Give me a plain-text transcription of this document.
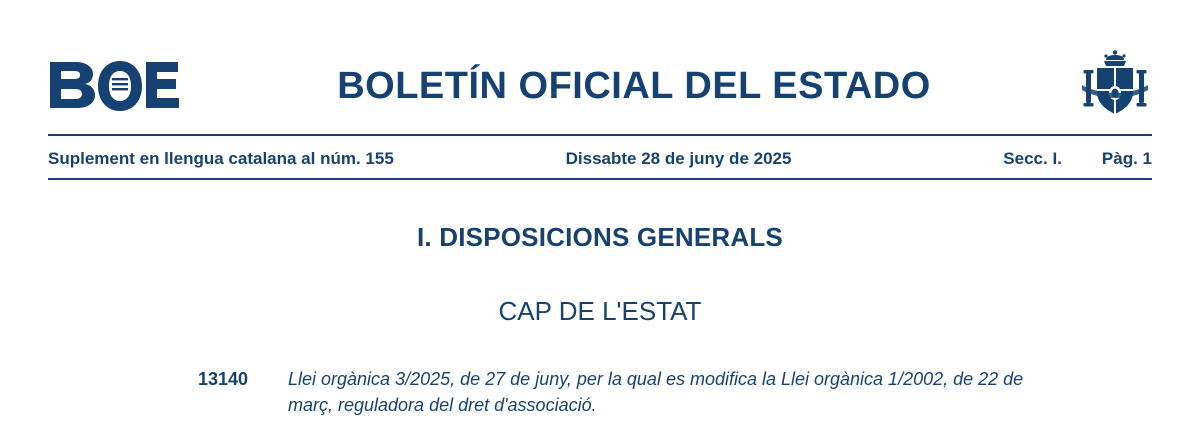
BOLETÍN OFICIAL DEL ESTADO
Suplement en llengua catalana al núm. 155	Dissabte 28 de juny de 2025	Secc. I. Pàg. 1
I. DISPOSICIONS GENERALS
CAP DE L'ESTAT
13140	Llei orgànica 3/2025, de 27 de juny, per la qual es modifica la Llei orgànica 1/2002, de 22 de març, reguladora del dret d'associació.
